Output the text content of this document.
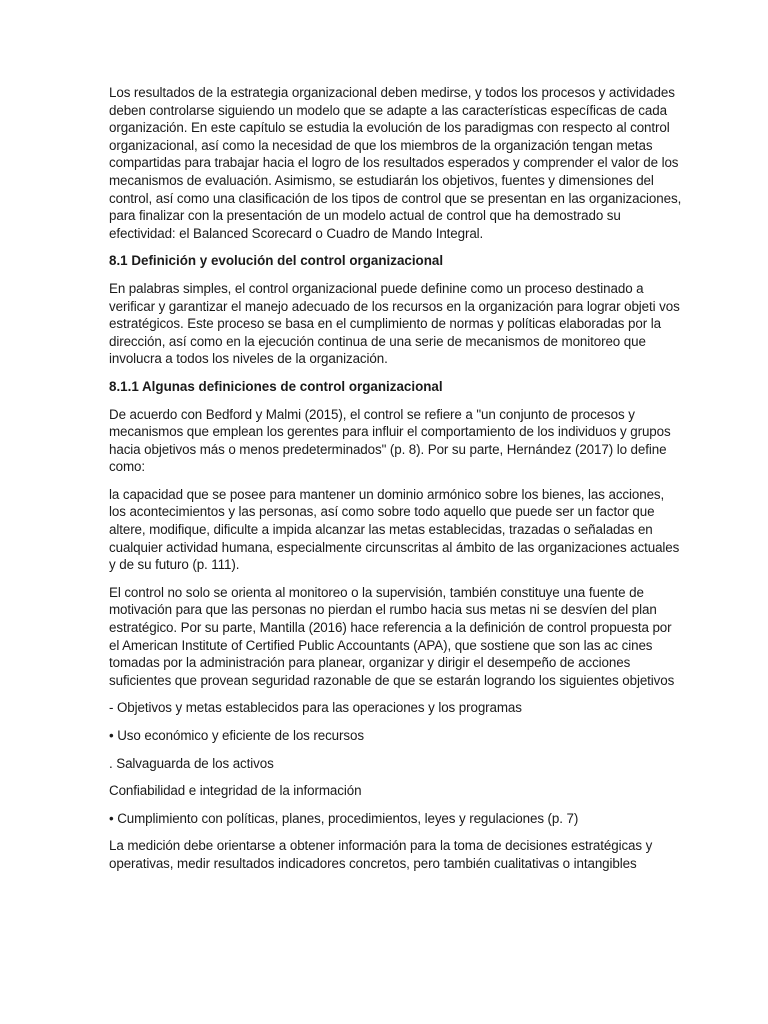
Los resultados de la estrategia organizacional deben medirse, y todos los procesos y actividades deben controlarse siguiendo un modelo que se adapte a las características específicas de cada organización. En este capítulo se estudia la evolución de los paradigmas con respecto al control organizacional, así como la necesidad de que los miembros de la organización tengan metas compartidas para trabajar hacia el logro de los resultados esperados y comprender el valor de los mecanismos de evaluación. Asimismo, se estudiarán los objetivos, fuentes y dimensiones del control, así como una clasificación de los tipos de control que se presentan en las organizaciones, para finalizar con la presentación de un modelo actual de control que ha demostrado su efectividad: el Balanced Scorecard o Cuadro de Mando Integral.

8.1 Definición y evolución del control organizacional

En palabras simples, el control organizacional puede definine como un proceso destinado a verificar y garantizar el manejo adecuado de los recursos en la organización para lograr objeti vos estratégicos. Este proceso se basa en el cumplimiento de normas y políticas elaboradas por la dirección, así como en la ejecución continua de una serie de mecanismos de monitoreo que involucra a todos los niveles de la organización.

8.1.1 Algunas definiciones de control organizacional

De acuerdo con Bedford y Malmi (2015), el control se refiere a "un conjunto de procesos y mecanismos que emplean los gerentes para influir el comportamiento de los individuos y grupos hacia objetivos más o menos predeterminados" (p. 8). Por su parte, Hernández (2017) lo define como:

la capacidad que se posee para mantener un dominio armónico sobre los bienes, las acciones, los acontecimientos y las personas, así como sobre todo aquello que puede ser un factor que altere, modifique, dificulte a impida alcanzar las metas establecidas, trazadas o señaladas en cualquier actividad humana, especialmente circunscritas al ámbito de las organizaciones actuales y de su futuro (p. 111).

El control no solo se orienta al monitoreo o la supervisión, también constituye una fuente de motivación para que las personas no pierdan el rumbo hacia sus metas ni se desvíen del plan estratégico. Por su parte, Mantilla (2016) hace referencia a la definición de control propuesta por el American Institute of Certified Public Accountants (APA), que sostiene que son las ac cines tomadas por la administración para planear, organizar y dirigir el desempeño de acciones suficientes que provean seguridad razonable de que se estarán logrando los siguientes objetivos

- Objetivos y metas establecidos para las operaciones y los programas

• Uso económico y eficiente de los recursos

. Salvaguarda de los activos

Confiabilidad e integridad de la información

• Cumplimiento con políticas, planes, procedimientos, leyes y regulaciones (p. 7)

La medición debe orientarse a obtener información para la toma de decisiones estratégicas y operativas, medir resultados indicadores concretos, pero también cualitativas o intangibles
